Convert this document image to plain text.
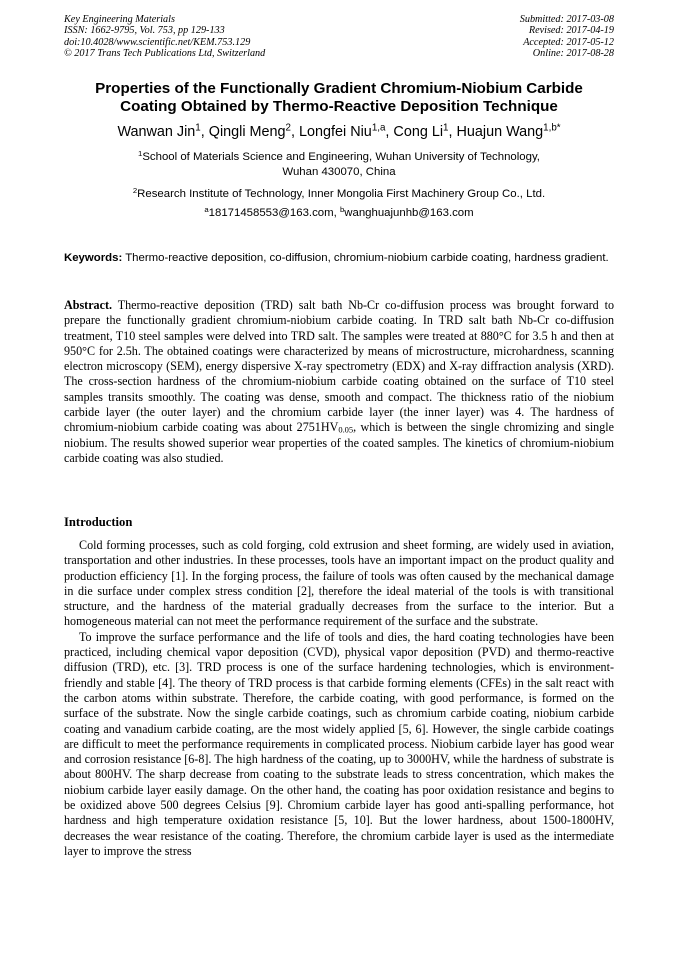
Key Engineering Materials
ISSN: 1662-9795, Vol. 753, pp 129-133
doi:10.4028/www.scientific.net/KEM.753.129
© 2017 Trans Tech Publications Ltd, Switzerland
Submitted: 2017-03-08
Revised: 2017-04-19
Accepted: 2017-05-12
Online: 2017-08-28
Properties of the Functionally Gradient Chromium-Niobium Carbide
Coating Obtained by Thermo-Reactive Deposition Technique
Wanwan Jin$^1$, Qingli Meng$^2$, Longfei Niu$^{1,a}$, Cong Li$^1$, Huajun Wang$^{1,b*}$
$^1$School of Materials Science and Engineering, Wuhan University of Technology,
Wuhan 430070, China
$^2$Research Institute of Technology, Inner Mongolia First Machinery Group Co., Ltd.
$^a$18171458553@163.com, $^b$wanghuajunhb@163.com
Keywords: Thermo-reactive deposition, co-diffusion, chromium-niobium carbide coating, hardness gradient.
Abstract. Thermo-reactive deposition (TRD) salt bath Nb-Cr co-diffusion process was brought forward to prepare the functionally gradient chromium-niobium carbide coating. In TRD salt bath Nb-Cr co-diffusion treatment, T10 steel samples were delved into TRD salt. The samples were treated at 880°C for 3.5 h and then at 950°C for 2.5h. The obtained coatings were characterized by means of microstructure, microhardness, scanning electron microscopy (SEM), energy dispersive X-ray spectrometry (EDX) and X-ray diffraction analysis (XRD). The cross-section hardness of the chromium-niobium carbide coating obtained on the surface of T10 steel samples transits smoothly. The coating was dense, smooth and compact. The thickness ratio of the niobium carbide layer (the outer layer) and the chromium carbide layer (the inner layer) was 4. The hardness of chromium-niobium carbide coating was about $2751HV_{0.05}$, which is between the single chromizing and single niobium. The results showed superior wear properties of the coated samples. The kinetics of chromium-niobium carbide coating was also studied.
Introduction

Cold forming processes, such as cold forging, cold extrusion and sheet forming, are widely used in aviation, transportation and other industries. In these processes, tools have an important impact on the product quality and production efficiency [1]. In the forging process, the failure of tools was often caused by the mechanical damage in die surface under complex stress condition [2], therefore the ideal material of the tools is with transitional structure, and the hardness of the material gradually decreases from the surface to the interior. But a homogeneous material can not meet the performance requirement of the surface and the substrate.

To improve the surface performance and the life of tools and dies, the hard coating technologies have been practiced, including chemical vapor deposition (CVD), physical vapor deposition (PVD) and thermo-reactive diffusion (TRD), etc. [3]. TRD process is one of the surface hardening technologies, which is environment-friendly and stable [4]. The theory of TRD process is that carbide forming elements (CFEs) in the salt react with the carbon atoms within substrate. Therefore, the carbide coating, with good performance, is formed on the surface of the substrate. Now the single carbide coatings, such as chromium carbide coating, niobium carbide coating and vanadium carbide coating, are the most widely applied [5, 6]. However, the single carbide coatings are difficult to meet the performance requirements in complicated process. Niobium carbide layer has good wear and corrosion resistance [6-8]. The high hardness of the coating, up to 3000HV, while the hardness of substrate is about 800HV. The sharp decrease from coating to the substrate leads to stress concentration, which makes the niobium carbide layer easily damage. On the other hand, the coating has poor oxidation resistance and begins to be oxidized above 500 degrees Celsius [9]. Chromium carbide layer has good anti-spalling performance, hot hardness and high temperature oxidation resistance [5, 10]. But the lower hardness, about 1500-1800HV, decreases the wear resistance of the coating. Therefore, the chromium carbide layer is used as the intermediate layer to improve the stress
